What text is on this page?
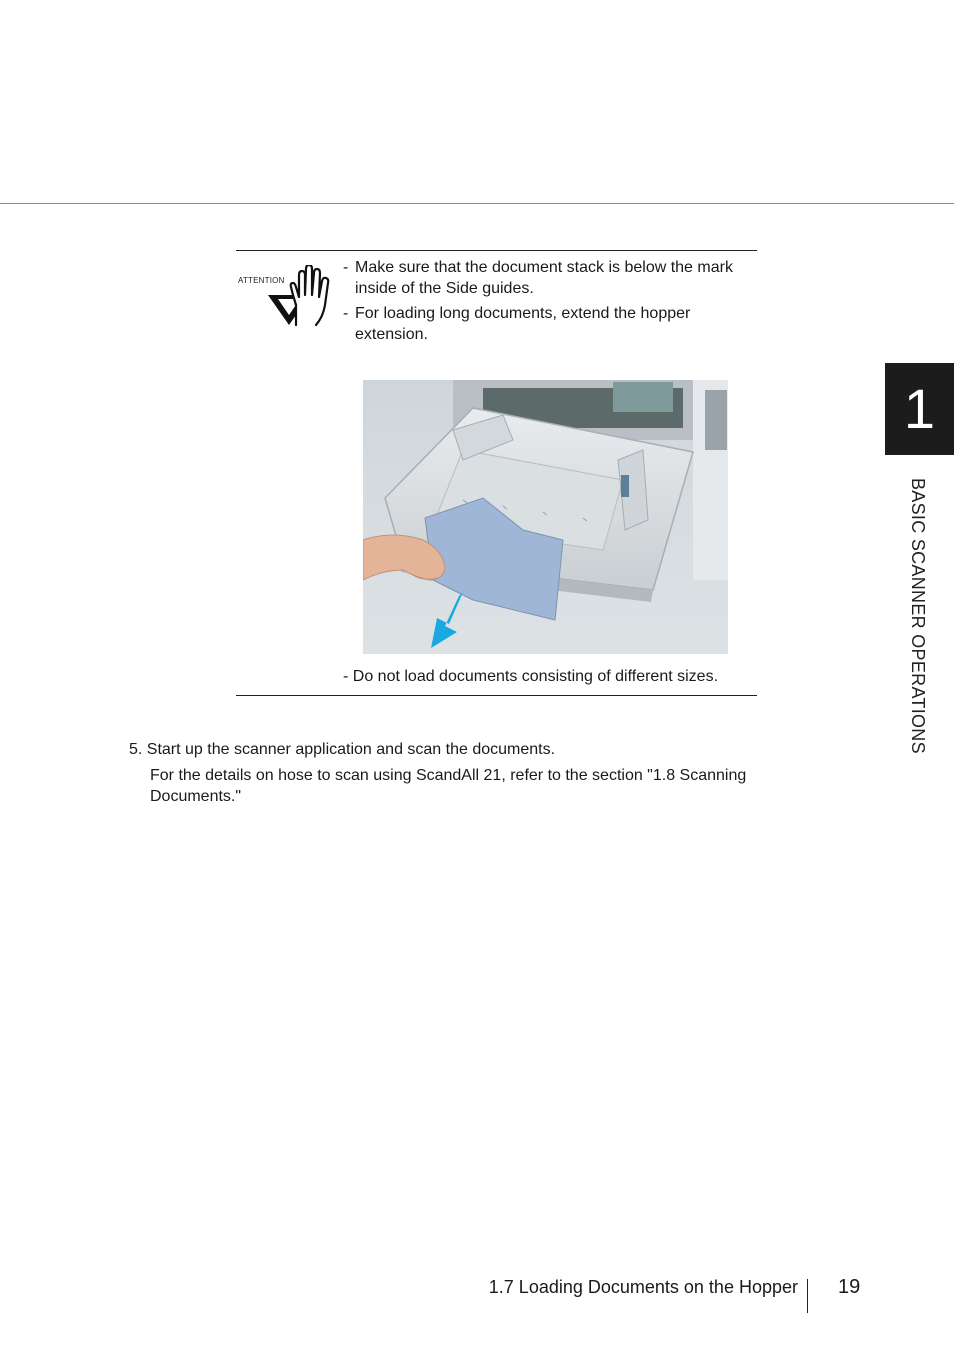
ATTENTION
- Make sure that the document stack is below the mark inside of the Side guides.
- For loading long documents, extend the hopper extension.
- Do not load documents consisting of different sizes.
5. Start up the scanner application and scan the documents.
For the details on hose to scan using ScandAll 21, refer to the section "1.8 Scanning Documents."
1
BASIC SCANNER OPERATIONS
1.7 Loading Documents on the Hopper 19
